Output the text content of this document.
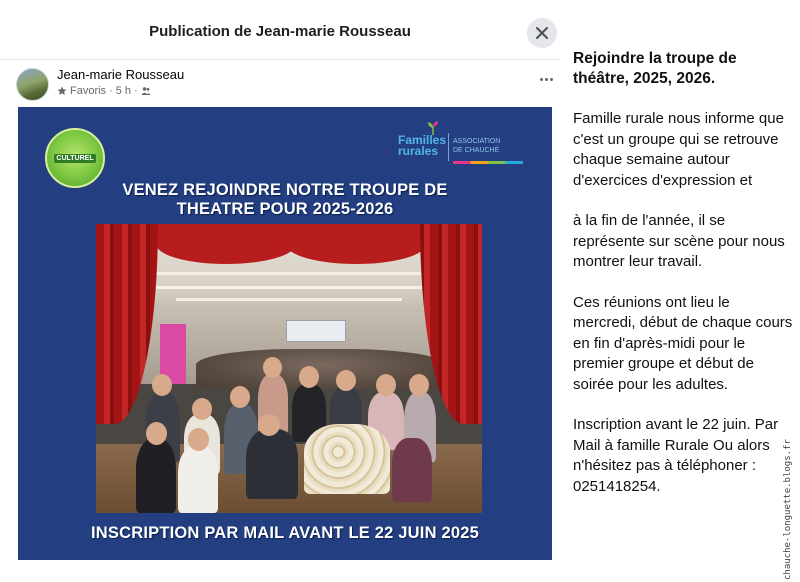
Publication de Jean-marie Rousseau
Jean-marie Rousseau
Favoris · 5 h ·
CULTUREL
Familles
rurales
ASSOCIATION
DE CHAUCHÉ
VENEZ REJOINDRE NOTRE TROUPE DE
THEATRE POUR 2025-2026
INSCRIPTION PAR MAIL AVANT LE 22 JUIN 2025
Rejoindre la troupe de théâtre, 2025, 2026.
Famille rurale nous informe que c'est un groupe qui se retrouve chaque semaine autour d'exercices d'expression et
à la fin de l'année, il se représente sur scène pour nous montrer leur travail.
Ces réunions ont lieu le mercredi, début de chaque cours en fin d'après-midi pour le premier groupe et début de soirée pour les adultes.
Inscription avant le 22 juin. Par Mail à famille Rurale Ou alors n'hésitez pas à téléphoner : 0251418254.	chauche-longuette.blogs.fr
